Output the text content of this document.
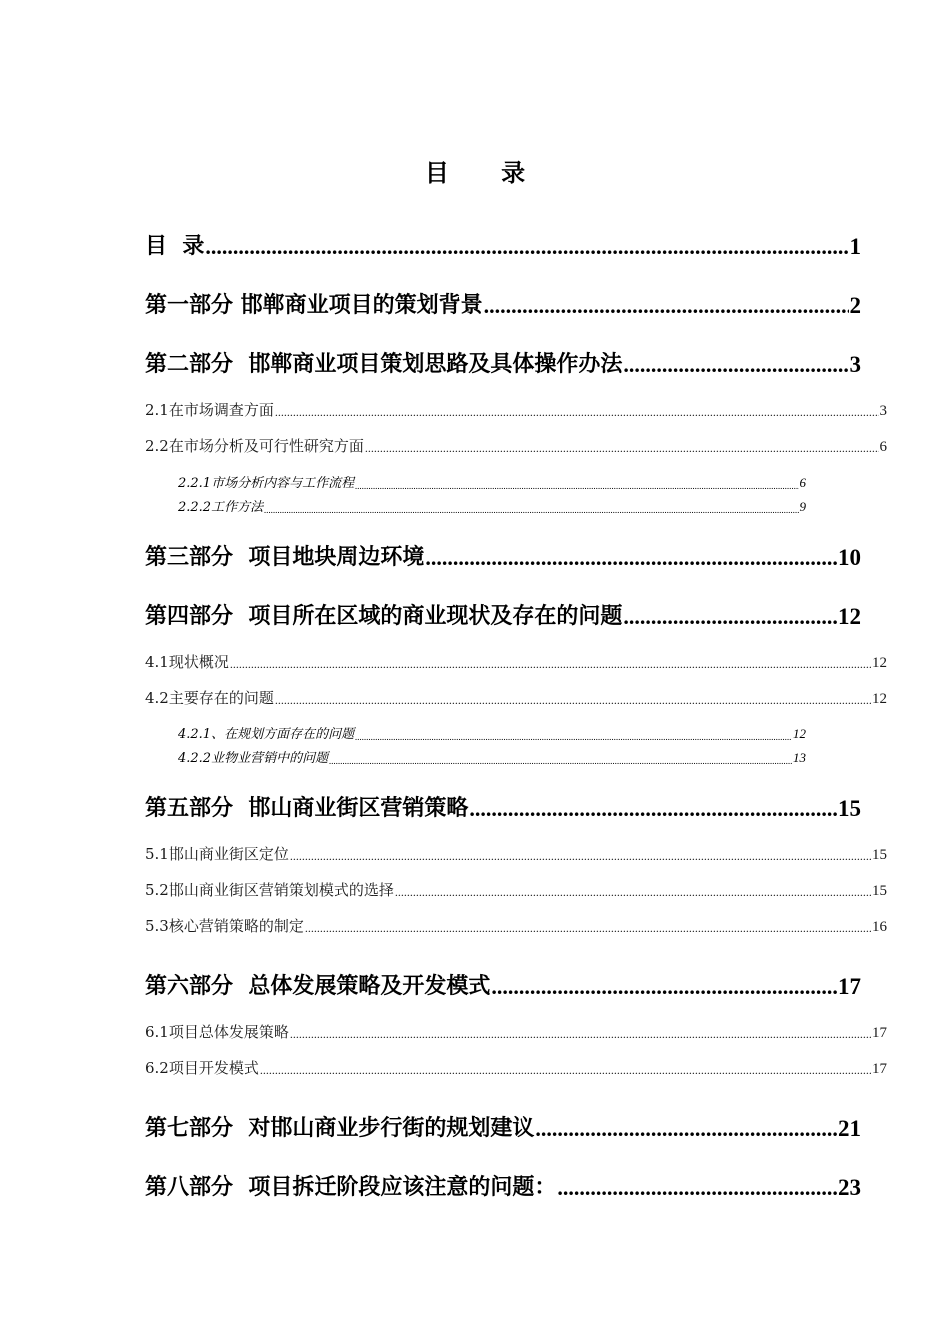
目 录
目  录 .....	1
第一部分 邯郸商业项目的策划背景 .....	2
第二部分  邯郸商业项目策划思路及具体操作办法 .....	3
2.1在市场调查方面 .....	3
2.2在市场分析及可行性研究方面 .....	6
2.2.1市场分析内容与工作流程 .....	6
2.2.2工作方法 .....	9
第三部分  项目地块周边环境 .....	10
第四部分  项目所在区域的商业现状及存在的问题 .....	12
4.1现状概况 .....	12
4.2主要存在的问题 .....	12
4.2.1、在规划方面存在的问题 .....	12
4.2.2业物业营销中的问题 .....	13
第五部分  邯山商业街区营销策略 .....	15
5.1邯山商业街区定位 .....	15
5.2邯山商业街区营销策划模式的选择 .....	15
5.3核心营销策略的制定 .....	16
第六部分  总体发展策略及开发模式 .....	17
6.1项目总体发展策略 .....	17
6.2项目开发模式 .....	17
第七部分  对邯山商业步行街的规划建议 .....	21
第八部分  项目拆迁阶段应该注意的问题： .....	23
